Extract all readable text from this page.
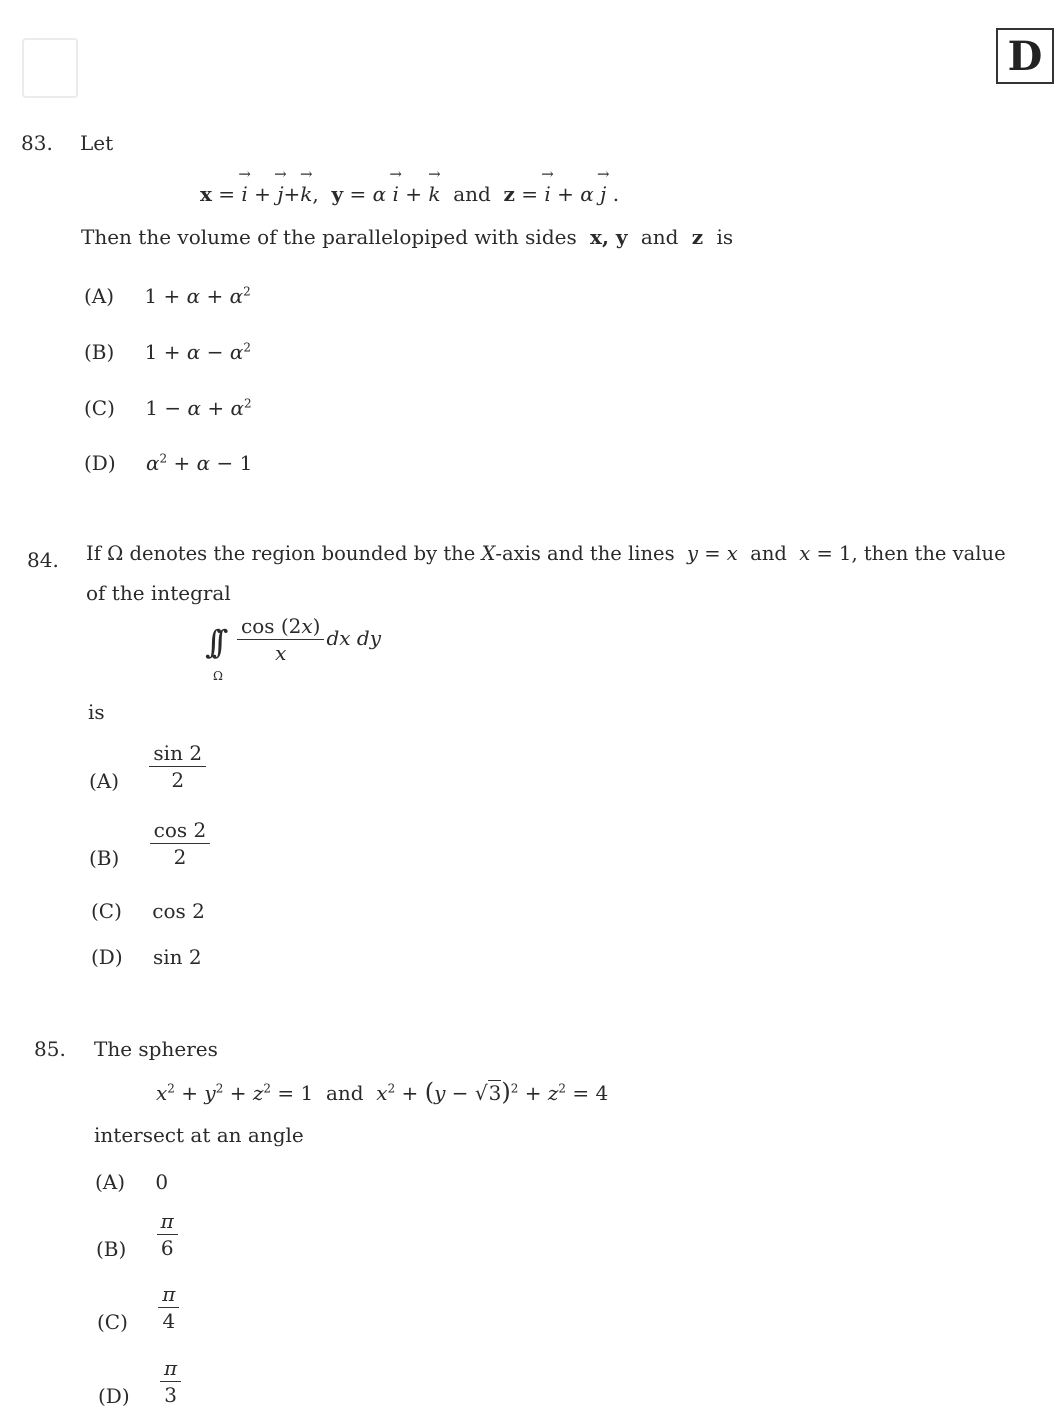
D
83. Let
x = → i + → j+→ k,  y = α → i + → k  and  z = → i + α → j .
Then the volume of the parallelopiped with sides  x, y  and  z  is
(A) $1 + \alpha + \alpha^2$
(B) $1 + \alpha - \alpha^2$
(C) $1 - \alpha + \alpha^2$
(D) $\alpha^2 + \alpha - 1$
84. If Ω denotes the region bounded by the X-axis and the lines y = x and x = 1, then the value
of the integral
∫∫
Ω
$\frac{\cos (2x)}{x}$ dx dy
is
$(A) \frac{\sin 2}{2}$
$(B) \frac{\cos 2}{2}$
(C) cos 2
(D) sin 2
85. The spheres
$x^2 + y^2 + z^2 = 1$  and $x^2 + (y - √3)^2 + z^2 = 4$
intersect at an angle
(A) 0
$(B) \frac{\pi}{6}$
$(C) \frac{\pi}{4}$
$(D) \frac{\pi}{3}$
